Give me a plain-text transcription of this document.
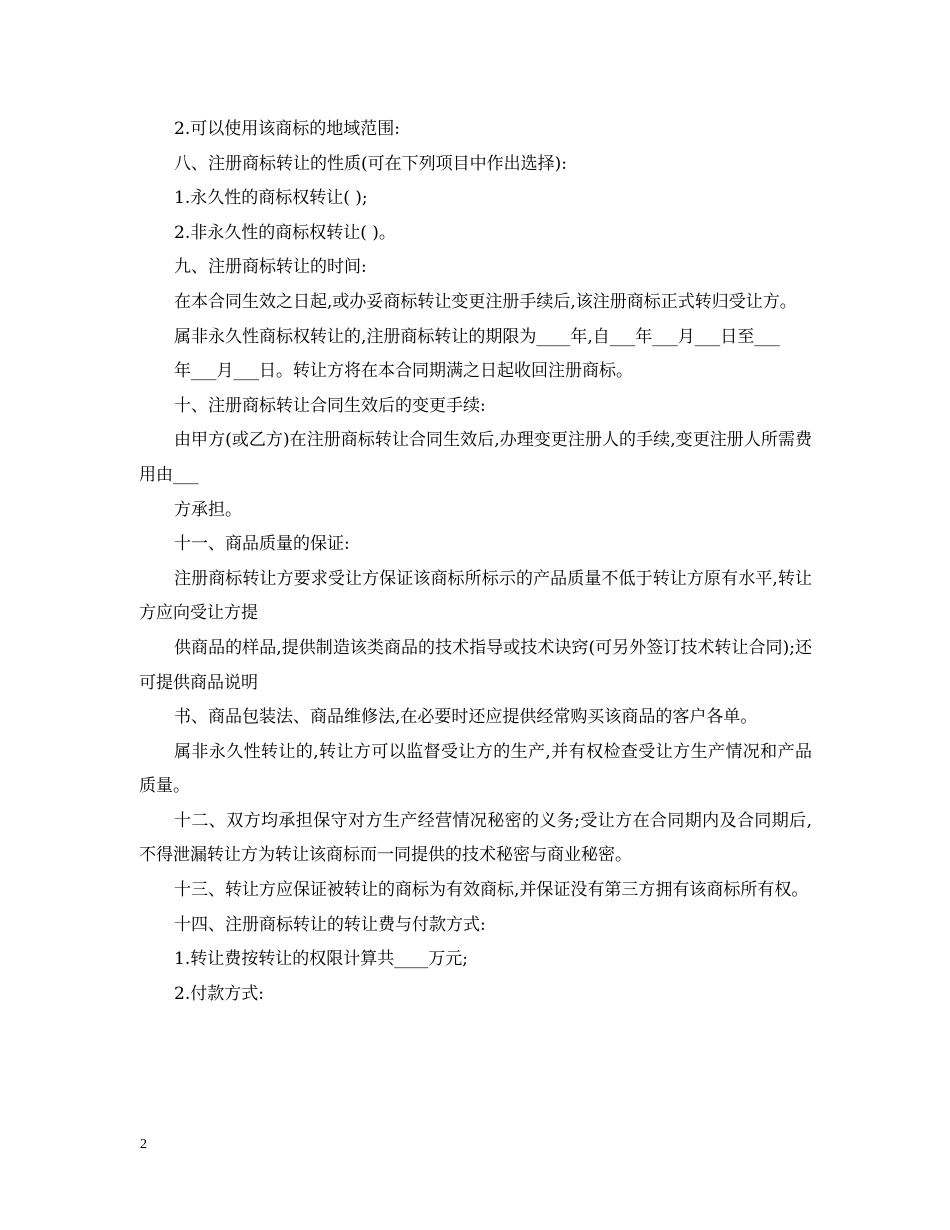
2.可以使用该商标的地域范围:

八、注册商标转让的性质(可在下列项目中作出选择):

1.永久性的商标权转让( );

2.非永久性的商标权转让( )。

九、注册商标转让的时间:

在本合同生效之日起,或办妥商标转让变更注册手续后,该注册商标正式转归受让方。

属非永久性商标权转让的,注册商标转让的期限为____年,自___年___月___日至___

年___月___日。转让方将在本合同期满之日起收回注册商标。

十、注册商标转让合同生效后的变更手续:

由甲方(或乙方)在注册商标转让合同生效后,办理变更注册人的手续,变更注册人所需费用由___

方承担。

十一、商品质量的保证:

注册商标转让方要求受让方保证该商标所标示的产品质量不低于转让方原有水平,转让方应向受让方提

供商品的样品,提供制造该类商品的技术指导或技术诀窍(可另外签订技术转让合同);还可提供商品说明

书、商品包装法、商品维修法,在必要时还应提供经常购买该商品的客户各单。

属非永久性转让的,转让方可以监督受让方的生产,并有权检查受让方生产情况和产品质量。

十二、双方均承担保守对方生产经营情况秘密的义务;受让方在合同期内及合同期后,不得泄漏转让方为转让该商标而一同提供的技术秘密与商业秘密。

十三、转让方应保证被转让的商标为有效商标,并保证没有第三方拥有该商标所有权。

十四、注册商标转让的转让费与付款方式:

1.转让费按转让的权限计算共____万元;

2.付款方式:

2
